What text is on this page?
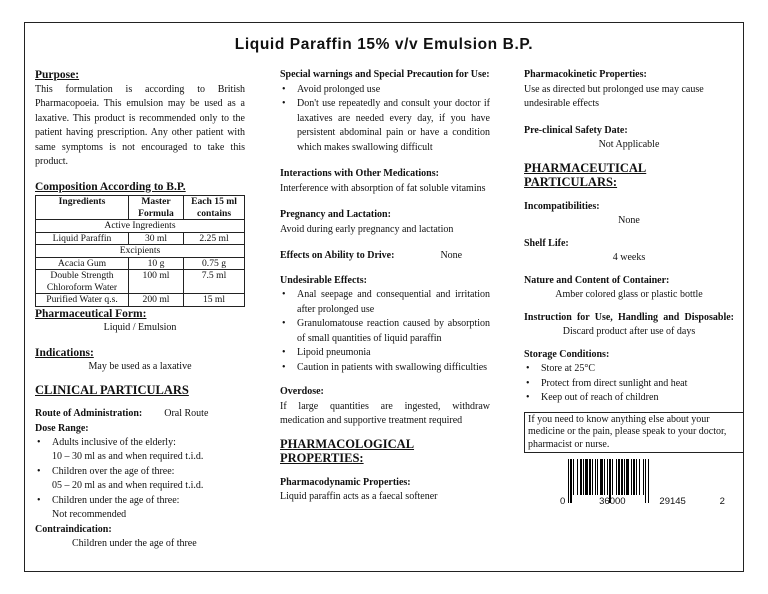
Liquid Paraffin 15% v/v Emulsion B.P.

Purpose:

This formulation is according to British Pharmacopoeia. This emulsion may be used as a laxative. This product is recommended only to the patient having prescription. Any other patient with same symptoms is not encouraged to take this product.

Composition According to B.P.

Ingredients	Master Formula	Each 15 ml contains
Active Ingredients		
Liquid Paraffin	30 ml	2.25 ml
Excipients		
Acacia Gum	10 g	0.75 g
Double Strength Chloroform Water	100 ml	7.5 ml
Purified Water q.s.	200 ml	15 ml

Pharmaceutical Form:

Liquid / Emulsion

Indications:

May be used as a laxative

CLINICAL PARTICULARS

Route of Administration: Oral Route

Dose Range:

• Adults inclusive of the elderly:

10 – 30 ml as and when required t.i.d.

• Children over the age of three:

05 – 20 ml as and when required t.i.d.

• Children under the age of three:

Not recommended

Contraindication:

Children under the age of three

Special warnings and Special Precaution for Use:

• Avoid prolonged use
• Don't use repeatedly and consult your doctor if laxatives are needed every day, if you have persistent abdominal pain or have a condition which makes swallowing difficult

Interactions with Other Medications:

Interference with absorption of fat soluble vitamins

Pregnancy and Lactation:

Avoid during early pregnancy and lactation

Effects on Ability to Drive:	None

Undesirable Effects:

• Anal seepage and consequential and irritation after prolonged use
• Granulomatouse reaction caused by absorption of small quantities of liquid paraffin
• Lipoid pneumonia
• Caution in patients with swallowing difficulties

Overdose:

If large quantities are ingested, withdraw medication and supportive treatment required

PHARMACOLOGICAL PROPERTIES:

Pharmacodynamic Properties:

Liquid paraffin acts as a faecal softener

Pharmacokinetic Properties:

Use as directed but prolonged use may cause undesirable effects

Pre-clinical Safety Date:

Not Applicable

PHARMACEUTICAL PARTICULARS:

Incompatibilities:

None

Shelf Life:

4 weeks

Nature and Content of Container:

Amber colored glass or plastic bottle

Instruction for Use, Handling and Disposable:

Discard product after use of days

Storage Conditions:

• Store at 25°C
• Protect from direct sunlight and heat
• Keep out of reach of children
If you need to know anything else about your medicine or the pain, please speak to your doctor, pharmacist or nurse.
0	36000	29145	2
